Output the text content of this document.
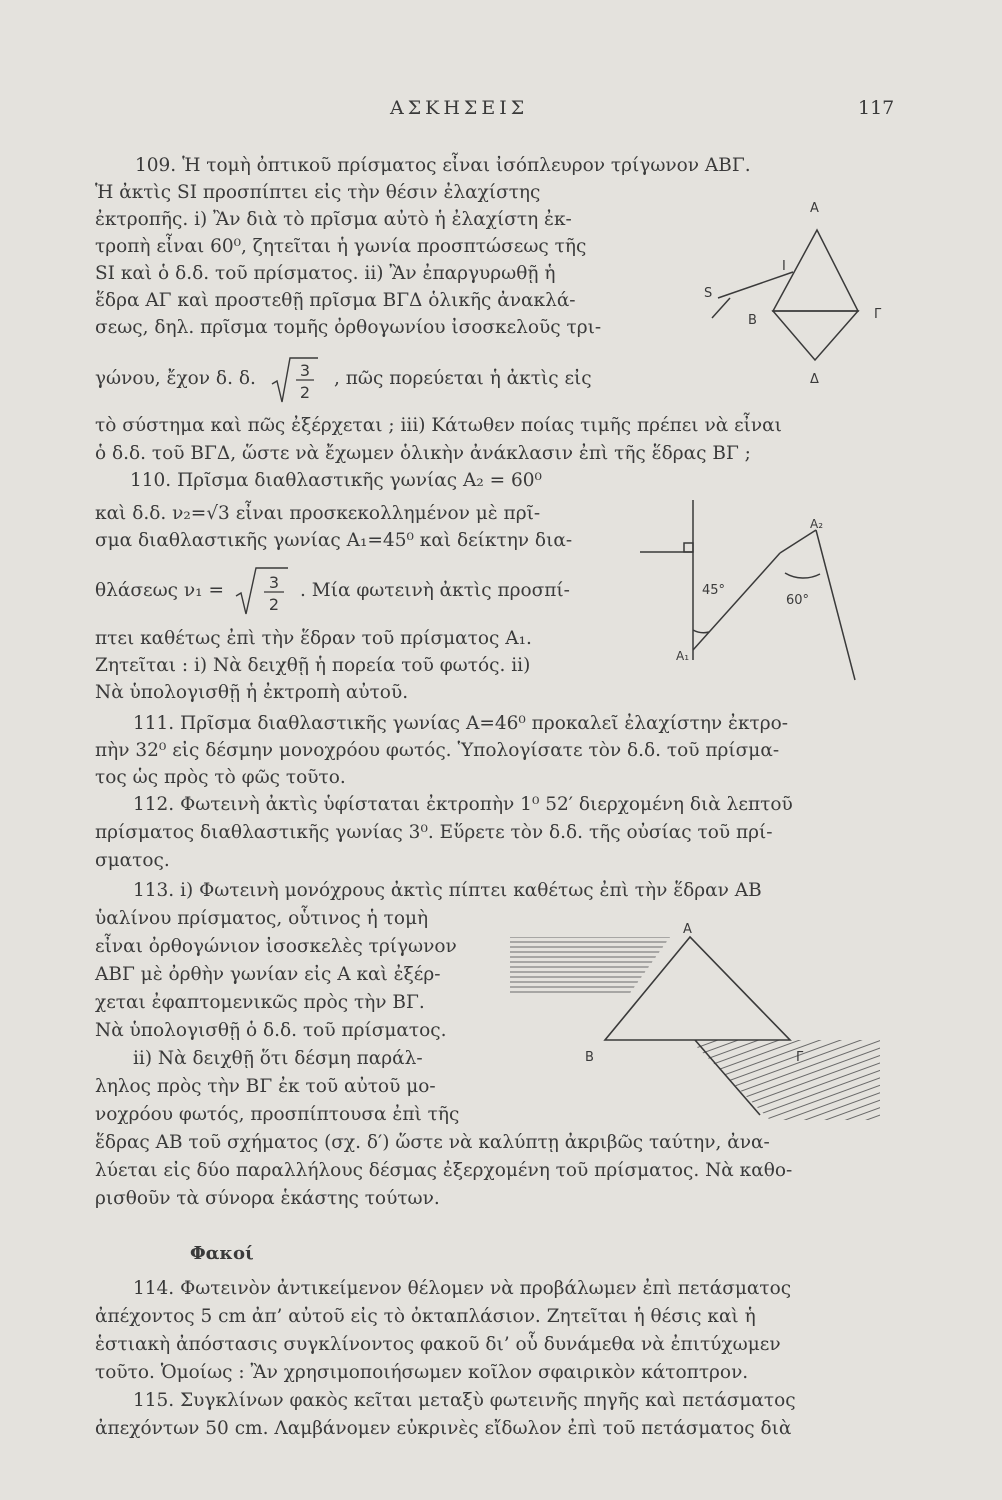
ΑΣΚΗΣΕΙΣ	117
109. Ἡ τομὴ ὀπτικοῦ πρίσματος εἶναι ἰσόπλευρον τρίγωνον ΑΒΓ.
Ἡ ἀκτὶς SI προσπίπτει εἰς τὴν θέσιν ἐλαχίστης
ἐκτροπῆς. i) Ἂν διὰ τὸ πρῖσμα αὐτὸ ἡ ἐλαχίστη ἐκ-
τροπὴ εἶναι 60⁰, ζητεῖται ἡ γωνία προσπτώσεως τῆς
SI καὶ ὁ δ.δ. τοῦ πρίσματος. ii) Ἂν ἐπαργυρωθῇ ἡ
ἕδρα ΑΓ καὶ προστεθῇ πρῖσμα ΒΓΔ ὁλικῆς ἀνακλά-
σεως, δηλ. πρῖσμα τομῆς ὀρθογωνίου ἰσοσκελοῦς τρι-
γώνου, ἔχον δ. δ.	3
2
, πῶς πορεύεται ἡ ἀκτὶς εἰς
τὸ σύστημα καὶ πῶς ἐξέρχεται ; iii) Κάτωθεν ποίας τιμῆς πρέπει νὰ εἶναι
ὁ δ.δ. τοῦ ΒΓΔ, ὥστε νὰ ἔχωμεν ὁλικὴν ἀνάκλασιν ἐπὶ τῆς ἕδρας ΒΓ ;
Α
S
I
Β	Γ
Δ
110. Πρῖσμα διαθλαστικῆς γωνίας Α₂ = 60⁰
καὶ δ.δ. ν₂=√3 εἶναι προσκεκολλημένον μὲ πρῖ-
σμα διαθλαστικῆς γωνίας Α₁=45⁰ καὶ δείκτην δια-
θλάσεως ν₁ =	3
2
. Μία φωτεινὴ ἀκτὶς προσπί-
πτει καθέτως ἐπὶ τὴν ἕδραν τοῦ πρίσματος Α₁.
Ζητεῖται : i) Νὰ δειχθῇ ἡ πορεία τοῦ φωτός. ii)
Νὰ ὑπολογισθῇ ἡ ἐκτροπὴ αὐτοῦ.
Α₂
Α₁
45°
60°
111. Πρῖσμα διαθλαστικῆς γωνίας Α=46⁰ προκαλεῖ ἐλαχίστην ἐκτρο-
πὴν 32⁰ εἰς δέσμην μονοχρόου φωτός. Ὑπολογίσατε τὸν δ.δ. τοῦ πρίσμα-
τος ὡς πρὸς τὸ φῶς τοῦτο.
112. Φωτεινὴ ἀκτὶς ὑφίσταται ἐκτροπὴν 1⁰ 52′ διερχομένη διὰ λεπτοῦ
πρίσματος διαθλαστικῆς γωνίας 3⁰. Εὕρετε τὸν δ.δ. τῆς οὐσίας τοῦ πρί-
σματος.
113. i) Φωτεινὴ μονόχρους ἀκτὶς πίπτει καθέτως ἐπὶ τὴν ἕδραν ΑΒ
ὑαλίνου πρίσματος, οὗτινος ἡ τομὴ
εἶναι ὀρθογώνιον ἰσοσκελὲς τρίγωνον
ΑΒΓ μὲ ὀρθὴν γωνίαν εἰς Α καὶ ἐξέρ-
χεται ἐφαπτομενικῶς πρὸς τὴν ΒΓ.
Νὰ ὑπολογισθῇ ὁ δ.δ. τοῦ πρίσματος.
ii) Νὰ δειχθῇ ὅτι δέσμη παράλ-
ληλος πρὸς τὴν ΒΓ ἐκ τοῦ αὐτοῦ μο-
νοχρόου φωτός, προσπίπτουσα ἐπὶ τῆς
ἕδρας ΑΒ τοῦ σχήματος (σχ. δ′) ὥστε νὰ καλύπτῃ ἀκριβῶς ταύτην, ἀνα-
λύεται εἰς δύο παραλλήλους δέσμας ἐξερχομένη τοῦ πρίσματος. Νὰ καθο-
ρισθοῦν τὰ σύνορα ἑκάστης τούτων.
Α
Β	Γ
Φακοί
114. Φωτεινὸν ἀντικείμενον θέλομεν νὰ προβάλωμεν ἐπὶ πετάσματος
ἀπέχοντος 5 cm ἀπ’ αὐτοῦ εἰς τὸ ὀκταπλάσιον. Ζητεῖται ἡ θέσις καὶ ἡ
ἑστιακὴ ἀπόστασις συγκλίνοντος φακοῦ δι’ οὗ δυνάμεθα νὰ ἐπιτύχωμεν
τοῦτο. Ὁμοίως : Ἂν χρησιμοποιήσωμεν κοῖλον σφαιρικὸν κάτοπτρον.
115. Συγκλίνων φακὸς κεῖται μεταξὺ φωτεινῆς πηγῆς καὶ πετάσματος
ἀπεχόντων 50 cm. Λαμβάνομεν εὐκρινὲς εἴδωλον ἐπὶ τοῦ πετάσματος διὰ
